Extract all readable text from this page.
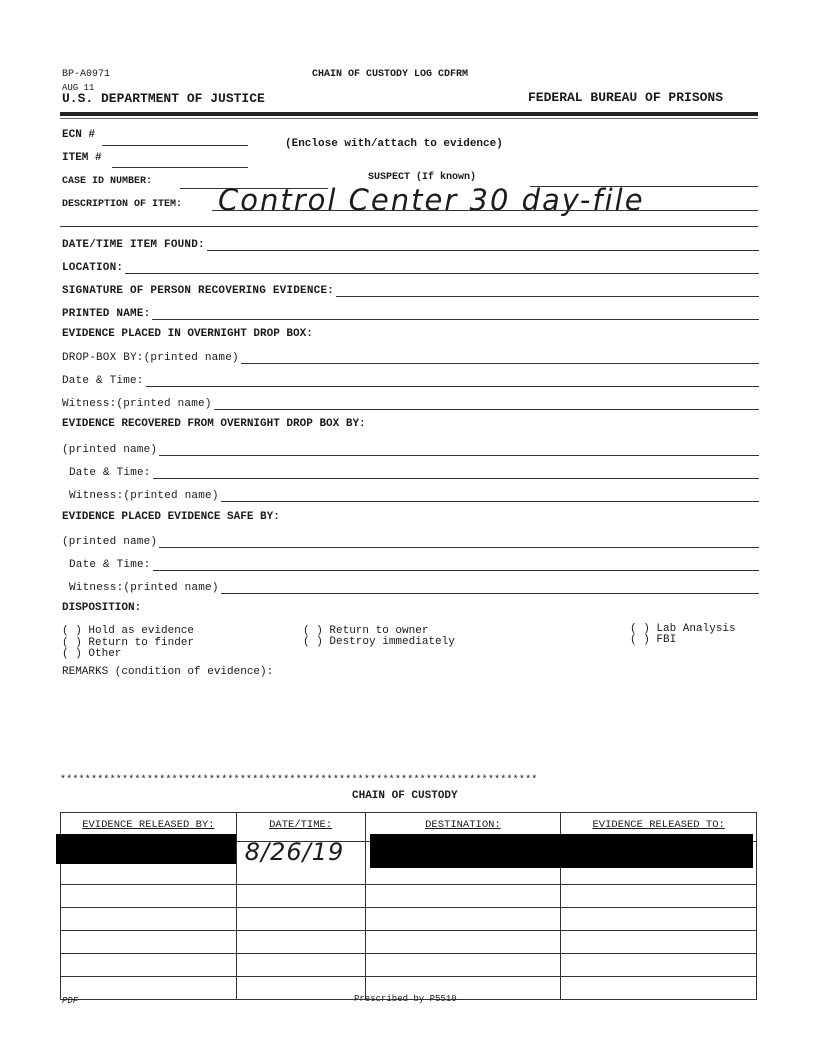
BP-A0971	CHAIN OF CUSTODY LOG CDFRM
AUG 11
U.S. DEPARTMENT OF JUSTICE	FEDERAL BUREAU OF PRISONS
ECN #
(Enclose with/attach to evidence)
ITEM #
CASE ID NUMBER:	SUSPECT (If known)
DESCRIPTION OF ITEM: Control Center 30 day-file
DATE/TIME ITEM FOUND:
LOCATION:
SIGNATURE OF PERSON RECOVERING EVIDENCE:
PRINTED NAME:
EVIDENCE PLACED IN OVERNIGHT DROP BOX:
DROP-BOX BY:(printed name)
Date & Time:
Witness:(printed name)
EVIDENCE RECOVERED FROM OVERNIGHT DROP BOX BY:
(printed name)
Date & Time:
Witness:(printed name)
EVIDENCE PLACED EVIDENCE SAFE BY:
(printed name)
Date & Time:
Witness:(printed name)
DISPOSITION:
( ) Hold as evidence
( ) Return to finder
( ) Other
( ) Return to owner
( ) Destroy immediately
( ) Lab Analysis
( ) FBI
REMARKS (condition of evidence):
*****************************************************************************
CHAIN OF CUSTODY
EVIDENCE RELEASED BY:	DATE/TIME:	DESTINATION:	EVIDENCE RELEASED TO:

	8/26/19		

PDF	Prescribed by P5510
